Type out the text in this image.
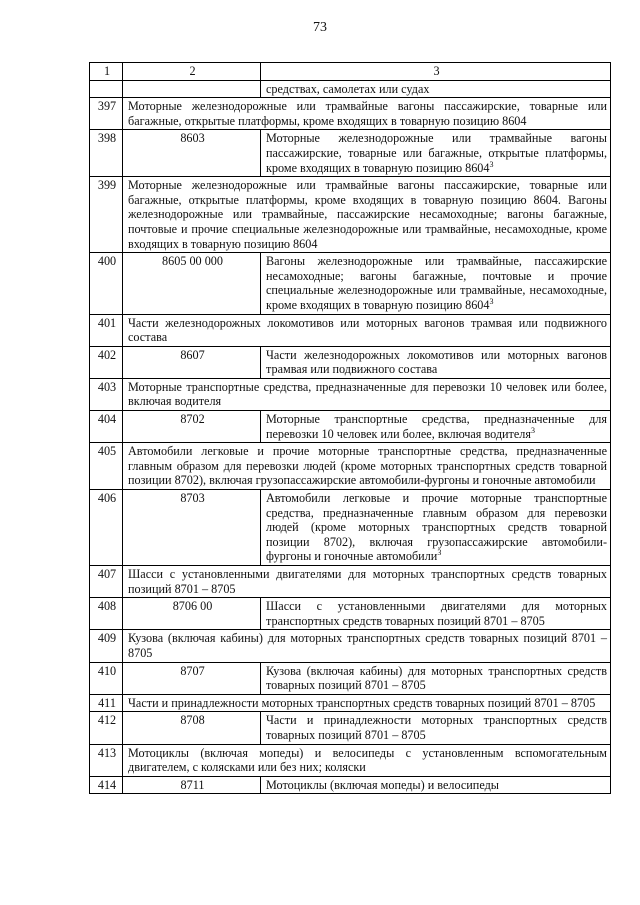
73
1	2	3
		средствах, самолетах или судах
397	Моторные железнодорожные или трамвайные вагоны пассажирские, товарные или багажные, открытые платформы, кроме входящих в товарную позицию 8604	
398	8603	Моторные железнодорожные или трамвайные вагоны пассажирские, товарные или багажные, открытые платформы, кроме входящих в товарную позицию 8604$^3$
399	Моторные железнодорожные или трамвайные вагоны пассажирские, товарные или багажные, открытые платформы, кроме входящих в товарную позицию 8604. Вагоны железнодорожные или трамвайные, пассажирские несамоходные; вагоны багажные, почтовые и прочие специальные железнодорожные или трамвайные, несамоходные, кроме входящих в товарную позицию 8604	
400	8605 00 000	Вагоны железнодорожные или трамвайные, пассажирские несамоходные; вагоны багажные, почтовые и прочие специальные железнодорожные или трамвайные, несамоходные, кроме входящих в товарную позицию 8604$^3$
401	Части железнодорожных локомотивов или моторных вагонов трамвая или подвижного состава	
402	8607	Части железнодорожных локомотивов или моторных вагонов трамвая или подвижного состава
403	Моторные транспортные средства, предназначенные для перевозки 10 человек или более, включая водителя	
404	8702	Моторные транспортные средства, предназначенные для перевозки 10 человек или более, включая водителя$^3$
405	Автомобили легковые и прочие моторные транспортные средства, предназначенные главным образом для перевозки людей (кроме моторных транспортных средств товарной позиции 8702), включая грузопассажирские автомобили-фургоны и гоночные автомобили	
406	8703	Автомобили легковые и прочие моторные транспортные средства, предназначенные главным образом для перевозки людей (кроме моторных транспортных средств товарной позиции 8702), включая грузопассажирские автомобили-фургоны и гоночные автомобили$^3$
407	Шасси с установленными двигателями для моторных транспортных средств товарных позиций 8701 – 8705	
408	8706 00	Шасси с установленными двигателями для моторных транспортных средств товарных позиций 8701 – 8705
409	Кузова (включая кабины) для моторных транспортных средств товарных позиций 8701 – 8705	
410	8707	Кузова (включая кабины) для моторных транспортных средств товарных позиций 8701 – 8705
411	Части и принадлежности моторных транспортных средств товарных позиций 8701 – 8705	
412	8708	Части и принадлежности моторных транспортных средств товарных позиций 8701 – 8705
413	Мотоциклы (включая мопеды) и велосипеды с установленным вспомогательным двигателем, с колясками или без них; коляски	
414	8711	Мотоциклы (включая мопеды) и велосипеды
